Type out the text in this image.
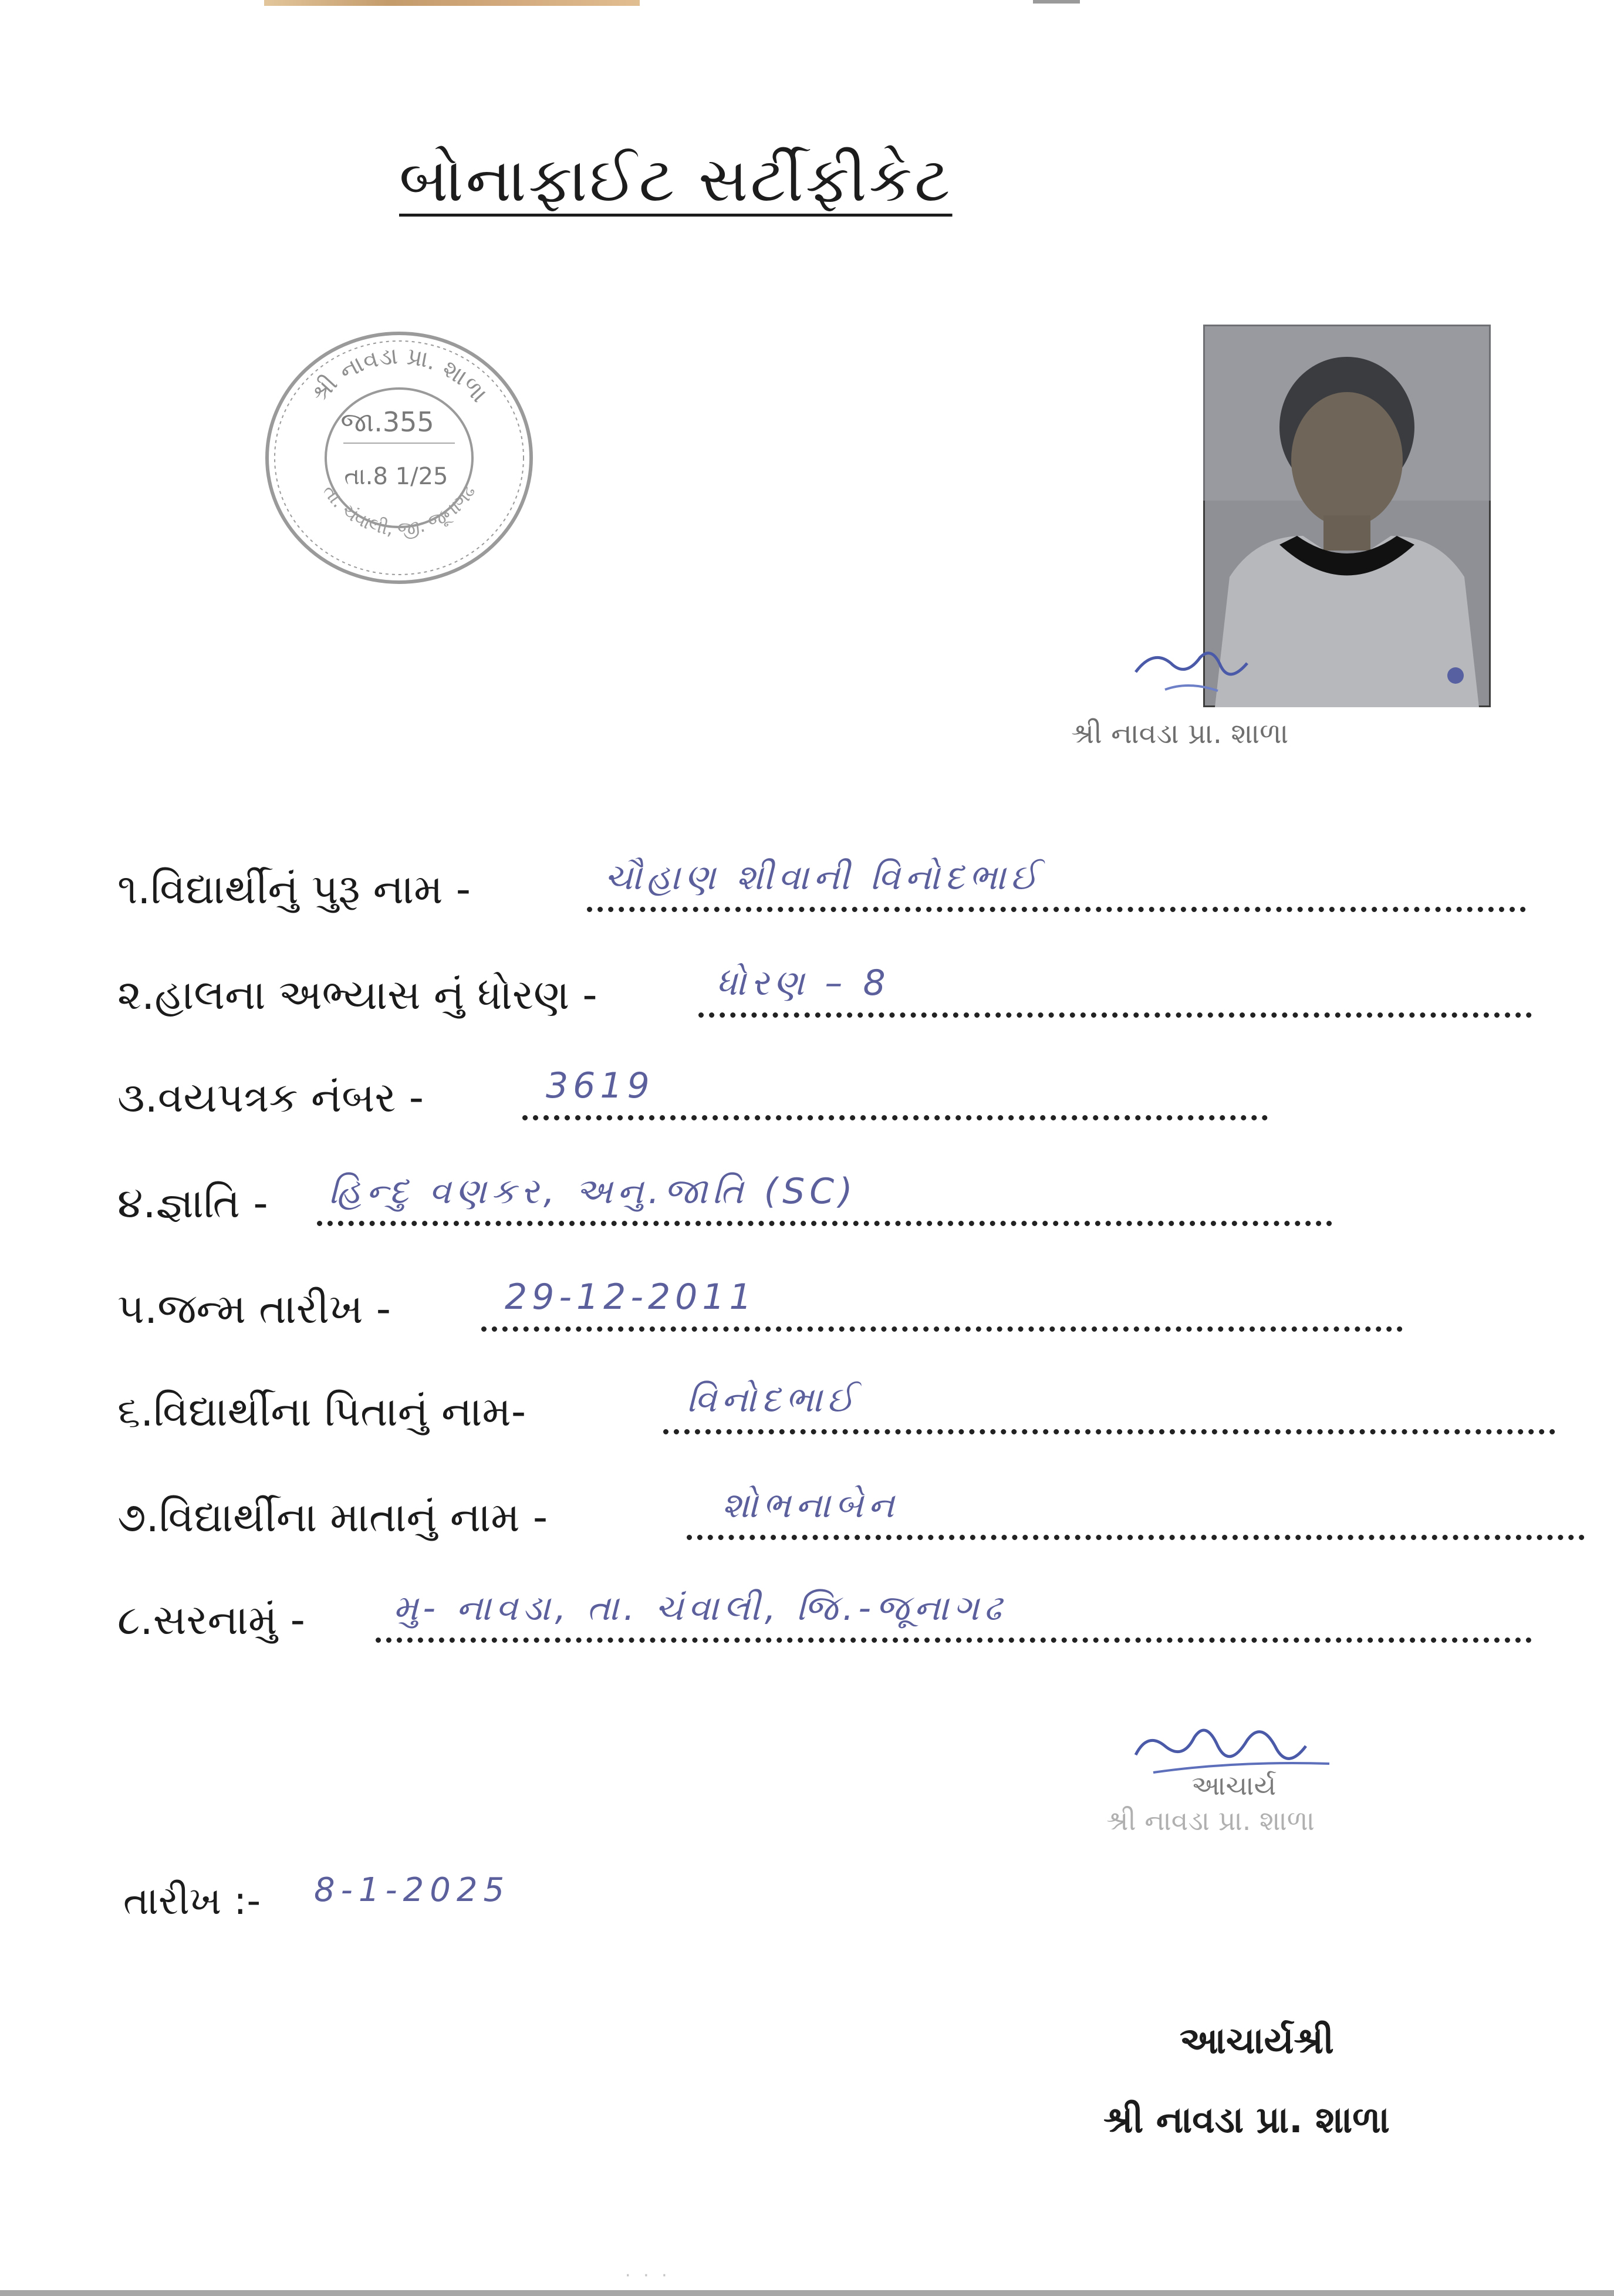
બોનાફાઈટ સર્ટીફીકેટ
શ્રી નાવડા પ્રા. શાળા
તા. ચંવાલી, જી. જૂનાગઢ
જા.355
તા.8 1/25
શ્રી નાવડા પ્રા. શાળા
૧.વિદ્યાર્થીનું પુરૂ નામ -	ચૌહાણ શીવાની વિનોદભાઈ
૨.હાલના અભ્યાસ નું ધોરણ -	ધોરણ – 8
૩.વયપત્રક નંબર -	3619
૪.જ્ઞાતિ - હિન્દુ વણકર, અનુ.જાતિ (SC)
૫.જન્મ તારીખ -	29-12-2011
૬.વિદ્યાર્થીના પિતાનું નામ-	વિનોદભાઈ
૭.વિદ્યાર્થીના માતાનું નામ -	શોભનાબેન
૮.સરનામું -	મુ- નાવડા, તા. ચંવાલી, જિ.-જૂનાગઢ
આચાર્ય
શ્રી નાવડા પ્રા. શાળા
તારીખ :- 8-1-2025
આચાર્યશ્રી
શ્રી નાવડા પ્રા. શાળા
· · ·
